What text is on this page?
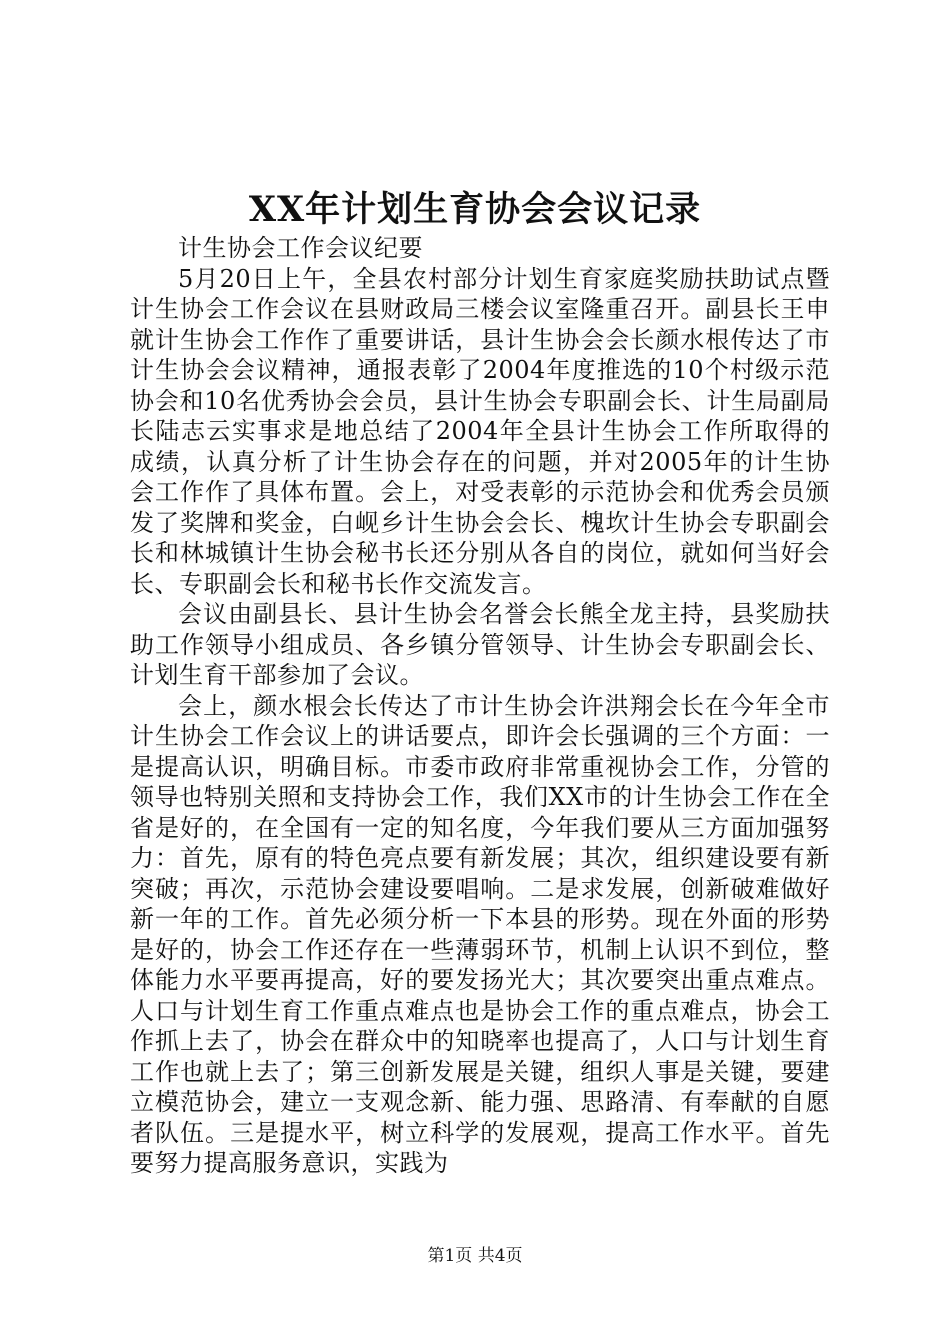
XX年计划生育协会会议记录

计生协会工作会议纪要

5月20日上午，全县农村部分计划生育家庭奖励扶助试点暨计生协会工作会议在县财政局三楼会议室隆重召开。副县长王申就计生协会工作作了重要讲话，县计生协会会长颜水根传达了市计生协会会议精神，通报表彰了2004年度推选的10个村级示范协会和10名优秀协会会员，县计生协会专职副会长、计生局副局长陆志云实事求是地总结了2004年全县计生协会工作所取得的成绩，认真分析了计生协会存在的问题，并对2005年的计生协会工作作了具体布置。会上，对受表彰的示范协会和优秀会员颁发了奖牌和奖金，白岘乡计生协会会长、槐坎计生协会专职副会长和林城镇计生协会秘书长还分别从各自的岗位，就如何当好会长、专职副会长和秘书长作交流发言。

会议由副县长、县计生协会名誉会长熊全龙主持，县奖励扶助工作领导小组成员、各乡镇分管领导、计生协会专职副会长、计划生育干部参加了会议。

会上，颜水根会长传达了市计生协会许洪翔会长在今年全市计生协会工作会议上的讲话要点，即许会长强调的三个方面：一是提高认识，明确目标。市委市政府非常重视协会工作，分管的领导也特别关照和支持协会工作，我们XX市的计生协会工作在全省是好的，在全国有一定的知名度，今年我们要从三方面加强努力：首先，原有的特色亮点要有新发展；其次，组织建设要有新突破；再次，示范协会建设要唱响。二是求发展，创新破难做好新一年的工作。首先必须分析一下本县的形势。现在外面的形势是好的，协会工作还存在一些薄弱环节，机制上认识不到位，整体能力水平要再提高，好的要发扬光大；其次要突出重点难点。人口与计划生育工作重点难点也是协会工作的重点难点，协会工作抓上去了，协会在群众中的知晓率也提高了，人口与计划生育工作也就上去了；第三创新发展是关键，组织人事是关键，要建立模范协会，建立一支观念新、能力强、思路清、有奉献的自愿者队伍。三是提水平，树立科学的发展观，提高工作水平。首先要努力提高服务意识，实践为

第1页 共4页
